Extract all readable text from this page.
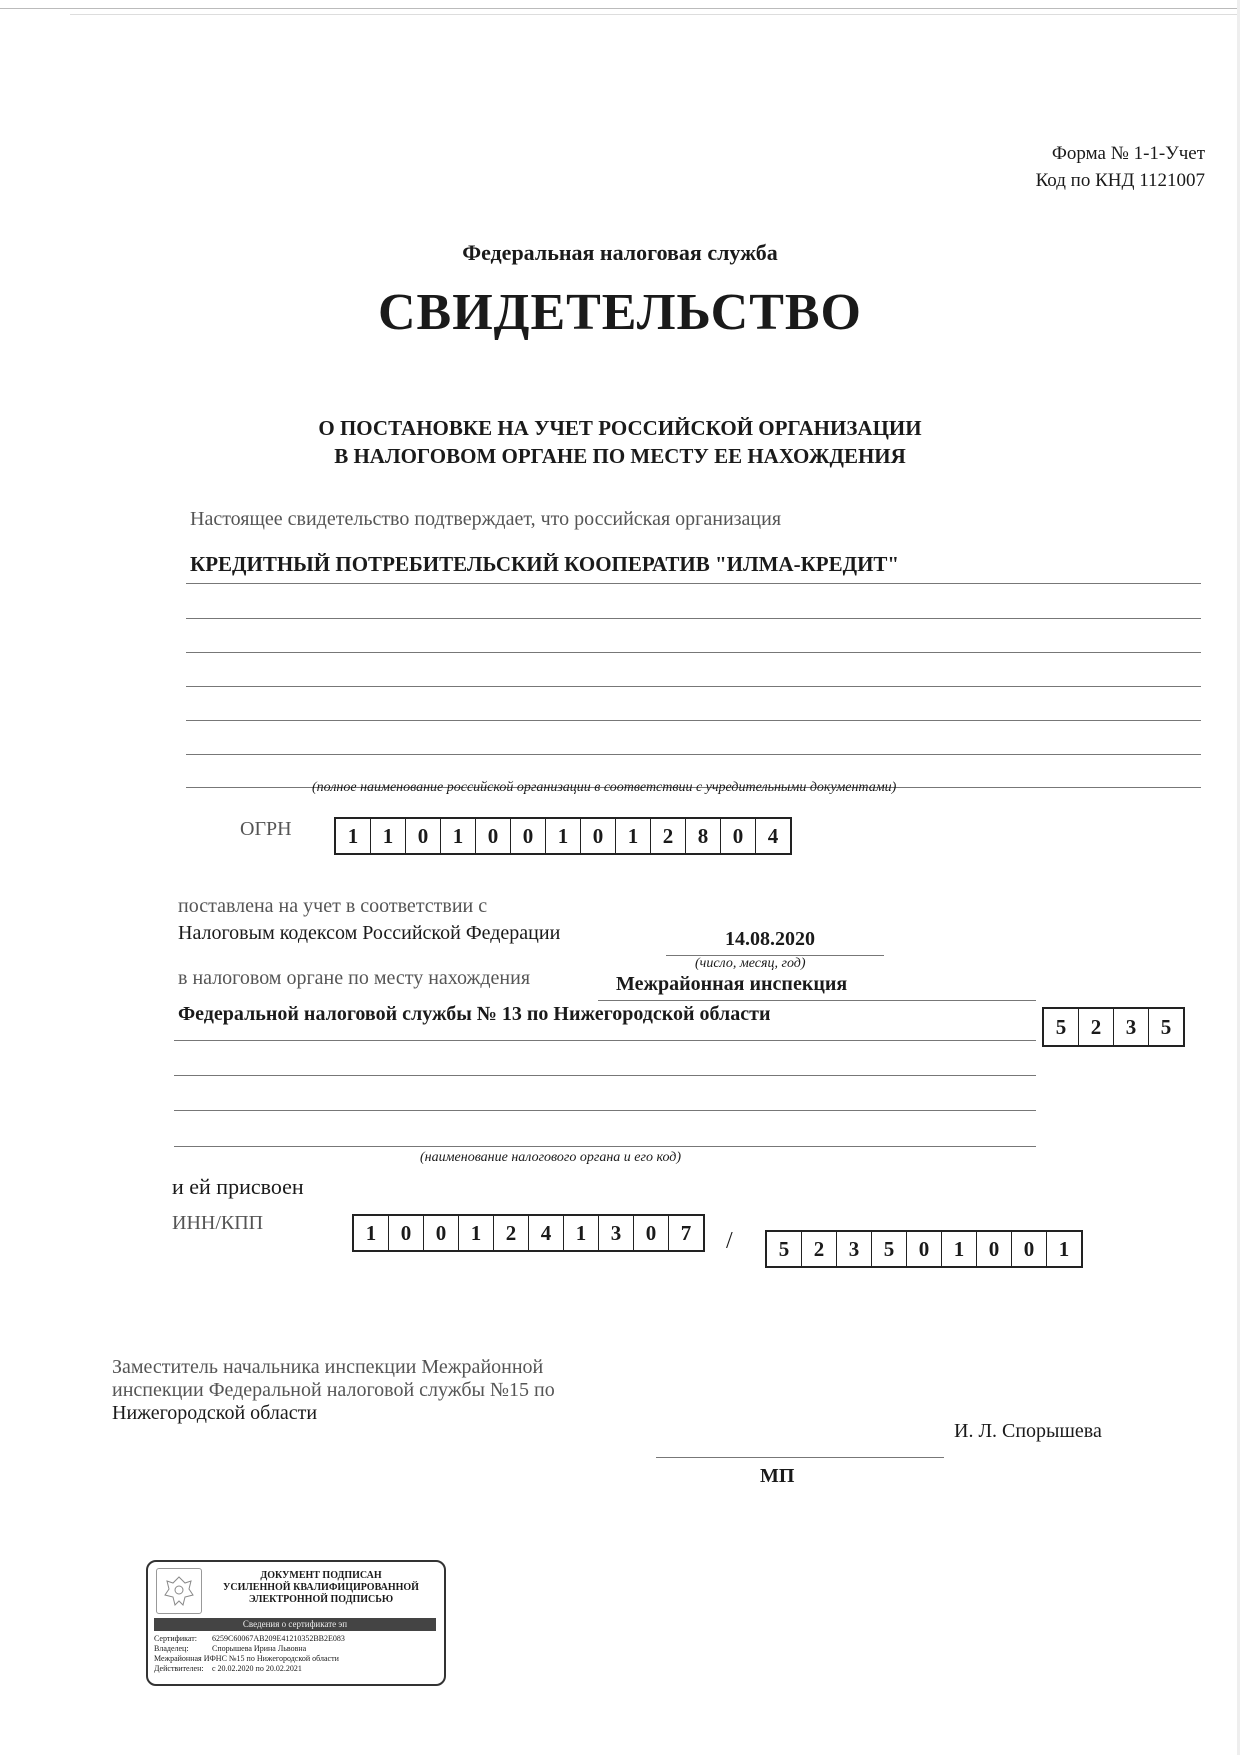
Форма № 1-1-Учет
Код по КНД 1121007
Федеральная налоговая служба
СВИДЕТЕЛЬСТВО
О ПОСТАНОВКЕ НА УЧЕТ РОССИЙСКОЙ ОРГАНИЗАЦИИ
В НАЛОГОВОМ ОРГАНЕ ПО МЕСТУ ЕЕ НАХОЖДЕНИЯ
Настоящее свидетельство подтверждает, что российская организация
КРЕДИТНЫЙ ПОТРЕБИТЕЛЬСКИЙ КООПЕРАТИВ "ИЛМА-КРЕДИТ"
(полное наименование российской организации в соответствии с учредительными документами)
ОГРН	1	1	0	1	0	0	1	0	1	2	8	0	4
поставлена на учет в соответствии с
Налоговым кодексом Российской Федерации	14.08.2020
(число, месяц, год)
в налоговом органе по месту нахождения	Межрайонная инспекция
Федеральной налоговой службы № 13 по Нижегородской области
5	2	3	5
(наименование налогового органа и его код)
и ей присвоен
ИНН/КПП	1	0	0	1	2	4	1	3	0	7	/	5	2	3	5	0	1	0	0	1
Заместитель начальника инспекции Межрайонной
инспекции Федеральной налоговой службы №15 по
Нижегородской области
И. Л. Спорышева
МП
ДОКУМЕНТ ПОДПИСАН
УСИЛЕННОЙ КВАЛИФИЦИРОВАННОЙ
ЭЛЕКТРОННОЙ ПОДПИСЬЮ
Сведения о сертификате эп
Сертификат: 6259C60067AB209E41210352BB2E083
Владелец:	Спорышева Ирина Львовна
Межрайонная ИФНС №15 по Нижегородской области
Действителен: с 20.02.2020 по 20.02.2021
